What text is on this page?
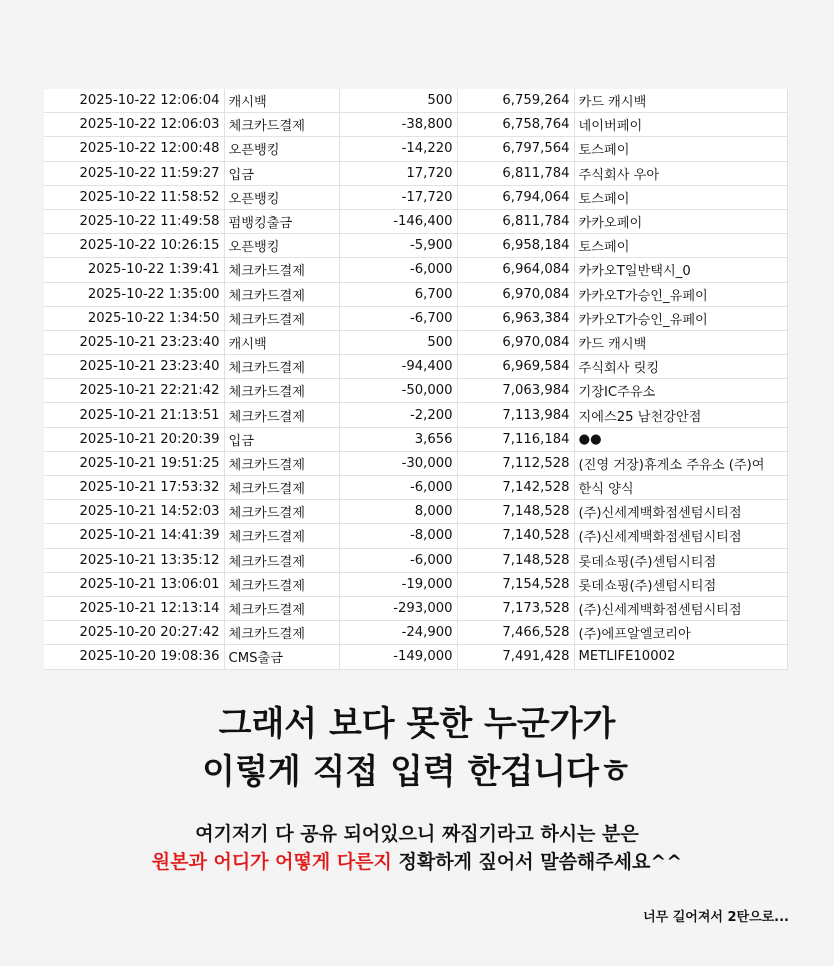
2025-10-22 12:06:04	캐시백	500	6,759,264	카드 캐시백
2025-10-22 12:06:03	체크카드결제	-38,800	6,758,764	네이버페이
2025-10-22 12:00:48	오픈뱅킹	-14,220	6,797,564	토스페이
2025-10-22 11:59:27	입금	17,720	6,811,784	주식회사 우아
2025-10-22 11:58:52	오픈뱅킹	-17,720	6,794,064	토스페이
2025-10-22 11:49:58	펌뱅킹출금	-146,400	6,811,784	카카오페이
2025-10-22 10:26:15	오픈뱅킹	-5,900	6,958,184	토스페이
2025-10-22 1:39:41	체크카드결제	-6,000	6,964,084	카카오T일반택시_0
2025-10-22 1:35:00	체크카드결제	6,700	6,970,084	카카오T가승인_유페이
2025-10-22 1:34:50	체크카드결제	-6,700	6,963,384	카카오T가승인_유페이
2025-10-21 23:23:40	캐시백	500	6,970,084	카드 캐시백
2025-10-21 23:23:40	체크카드결제	-94,400	6,969,584	주식회사 릿킹
2025-10-21 22:21:42	체크카드결제	-50,000	7,063,984	기장IC주유소
2025-10-21 21:13:51	체크카드결제	-2,200	7,113,984	지에스25 남천강안점
2025-10-21 20:20:39	입금	3,656	7,116,184	●●
2025-10-21 19:51:25	체크카드결제	-30,000	7,112,528	(진영 거장)휴게소 주유소 (주)여
2025-10-21 17:53:32	체크카드결제	-6,000	7,142,528	한식 양식
2025-10-21 14:52:03	체크카드결제	8,000	7,148,528	(주)신세계백화점센텀시티점
2025-10-21 14:41:39	체크카드결제	-8,000	7,140,528	(주)신세계백화점센텀시티점
2025-10-21 13:35:12	체크카드결제	-6,000	7,148,528	롯데쇼핑(주)센텀시티점
2025-10-21 13:06:01	체크카드결제	-19,000	7,154,528	롯데쇼핑(주)센텀시티점
2025-10-21 12:13:14	체크카드결제	-293,000	7,173,528	(주)신세계백화점센텀시티점
2025-10-20 20:27:42	체크카드결제	-24,900	7,466,528	(주)에프알엘코리아
2025-10-20 19:08:36	CMS출금	-149,000	7,491,428	METLIFE10002
그래서 보다 못한 누군가가
이렇게 직접 입력 한겁니다ㅎ
여기저기 다 공유 되어있으니 짜집기라고 하시는 분은
원본과 어디가 어떻게 다른지 정확하게 짚어서 말씀해주세요^^
너무 길어져서 2탄으로...
